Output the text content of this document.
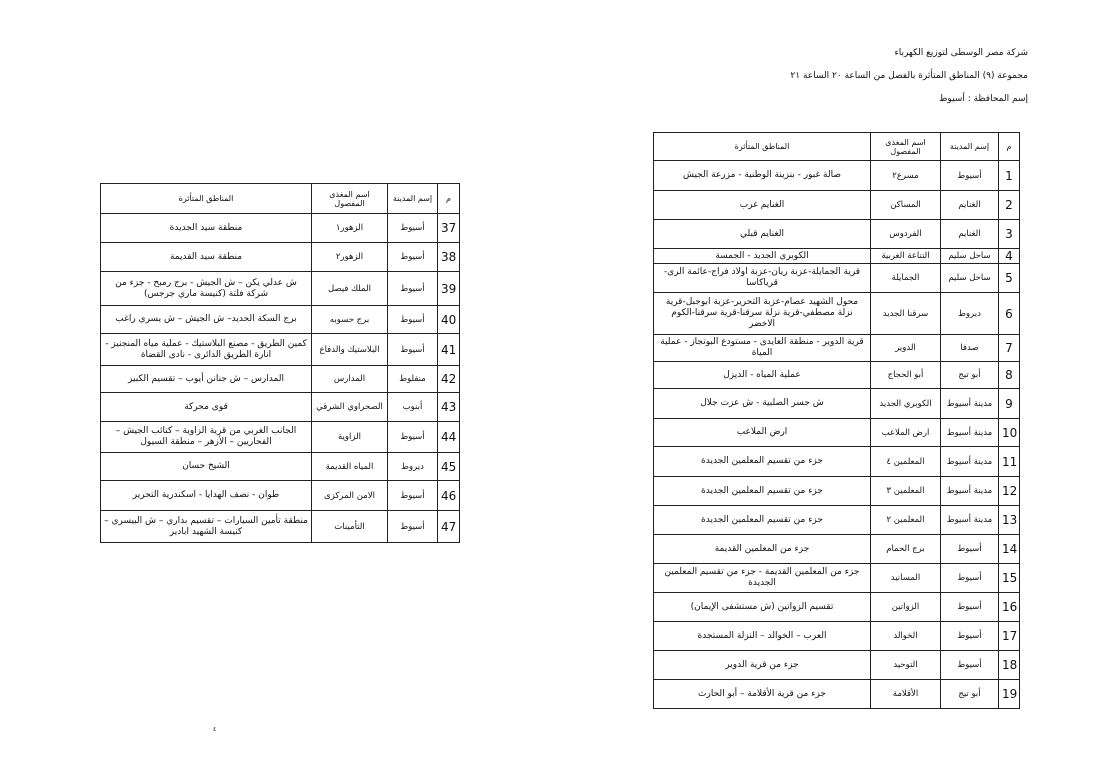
شركة مصر الوسطى لتوزيع الكهرباء
مجموعة (٩) المناطق المتأثرة بالفصل من الساعة ٢٠ الساعة ٢١
إسم المحافظة : أسيوط
م	إسم المدينة	اسم المغذى المفصول	المناطق المتأثرة
1	أسيوط	مسرع٢	صالة غبور - بنزينة الوطنية - مزرعة الجيش
2	الغنايم	المساكن	الغنايم غرب
3	الغنايم	الفردوس	الغنايم قبلي
4	ساحل سليم	التناعة الغربية	الكوبري الجديد - الجمسة
5	ساحل سليم	الجمايلة	قرية الجمايلة-عزبة ريان-عزبة اولاد فراج-عائمة الرى-قرياكاسا
6	ديروط	سرقنا الجديد	محول الشهيد عصام-عزبة التحرير-عزبة ابوجبل-قرية نزلة مصطفي-قرية نزلة سرقنا-قرية سرقنا-الكوم الاخضر
7	صدفا	الدوير	قرية الدوير - منطقة العايدى - مستودع البوتجاز - عملية المياة
8	أبو تيج	أبو الحجاج	عملية المياه - الديزل
9	مدينة أسيوط	الكوبري الجديد	ش جسر الصلبية - ش عزت جلال
10	مدينة أسيوط	ارض الملاعب	ارض الملاعب
11	مدينة أسيوط	المعلمين ٤	جزء من تقسيم المعلمين الجديدة
12	مدينة أسيوط	المعلمين ٣	جزء من تقسيم المعلمين الجديدة
13	مدينة أسيوط	المعلمين ٢	جزء من تقسيم المعلمين الجديدة
14	أسيوط	برج الحمام	جزء من المعلمين القديمة
15	أسيوط	المسانيد	جزء من المعلمين القديمة - جزء من تقسيم المعلمين الجديدة
16	أسيوط	الزواتين	تقسيم الزواتين (ش مستشفى الإيمان)
17	أسيوط	الخوالد	العرب – الخوالد – النزلة المستجدة
18	أسيوط	التوحيد	جزء من قرية الدوير
19	أبو تيج	الأقلامة	جزء من قرية الأقلامة – أبو الحارث
م	إسم المدينة	اسم المغذى المفصول	المناطق المتأثرة
37	أسيوط	الزهور١	منطقة سيد الجديدة
38	أسيوط	الزهور٢	منطقة سيد القديمة
39	أسيوط	الملك فيصل	ش عدلي يكن – ش الجيش - برج رمبح - جزء من شركة فلتة (كنيسة ماري جرجس)
40	أسيوط	برج حسوبه	برج السكة الحديد– ش الجيش – ش يسري راغب
41	أسيوط	البلاستيك والدفاع	كمين الطريق - مصنع البلاستيك - عملية مياه المنجنيز - انارة الطريق الدائرى - نادى القضاة
42	منفلوط	المدارس	المدارس – ش جنانن أيوب – تقسيم الكبير
43	أبنوب	الصحراوي الشرقي	قوى محركة
44	أسيوط	الزاوية	الجانب الغربي من قرية الزاوية – كتائب الجيش – الفحاريين – الأزهر – منطقة السيول
45	ديروط	المياه القديمة	الشيخ حسان
46	أسيوط	الامن المركزى	طوان - نصف الهدايا - اسكندرية التحرير
47	أسيوط	التأمينات	منطقة تأمين السيارات – تقسيم بداري – ش البيسري – كنيسة الشهيد ابادير
٤
